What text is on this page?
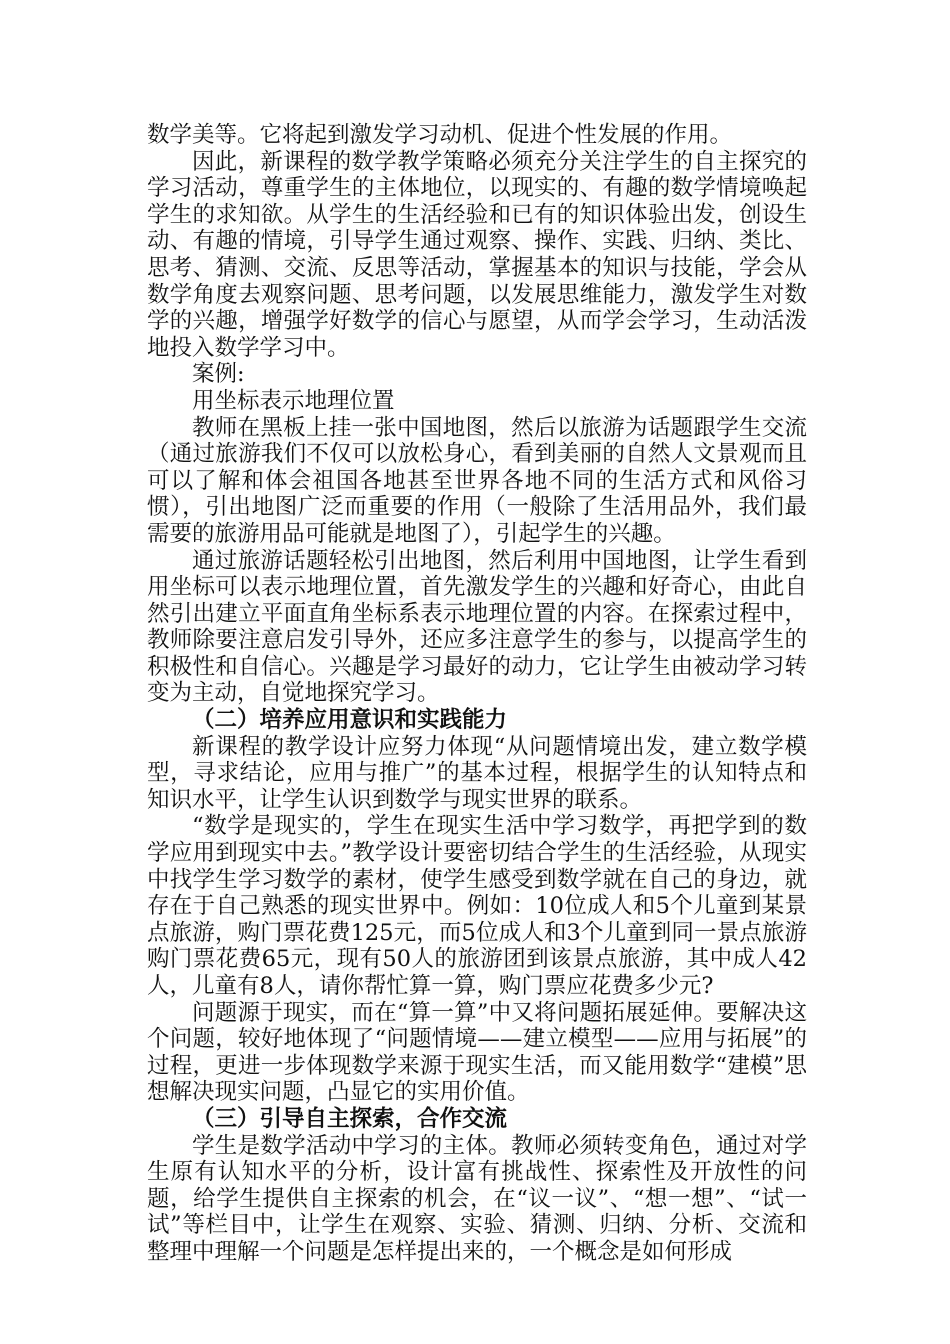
数学美等。它将起到激发学习动机、促进个性发展的作用。

因此，新课程的数学教学策略必须充分关注学生的自主探究的学习活动，尊重学生的主体地位，以现实的、有趣的数学情境唤起学生的求知欲。从学生的生活经验和已有的知识体验出发，创设生动、有趣的情境，引导学生通过观察、操作、实践、归纳、类比、思考、猜测、交流、反思等活动，掌握基本的知识与技能，学会从数学角度去观察问题、思考问题，以发展思维能力，激发学生对数学的兴趣，增强学好数学的信心与愿望，从而学会学习，生动活泼地投入数学学习中。

案例:

用坐标表示地理位置

教师在黑板上挂一张中国地图，然后以旅游为话题跟学生交流（通过旅游我们不仅可以放松身心，看到美丽的自然人文景观而且可以了解和体会祖国各地甚至世界各地不同的生活方式和风俗习惯），引出地图广泛而重要的作用（一般除了生活用品外，我们最需要的旅游用品可能就是地图了），引起学生的兴趣。

通过旅游话题轻松引出地图，然后利用中国地图，让学生看到用坐标可以表示地理位置，首先激发学生的兴趣和好奇心，由此自然引出建立平面直角坐标系表示地理位置的内容。在探索过程中，教师除要注意启发引导外，还应多注意学生的参与，以提高学生的积极性和自信心。兴趣是学习最好的动力，它让学生由被动学习转变为主动，自觉地探究学习。

（二）培养应用意识和实践能力

新课程的教学设计应努力体现“从问题情境出发，建立数学模型，寻求结论，应用与推广”的基本过程，根据学生的认知特点和知识水平，让学生认识到数学与现实世界的联系。

“数学是现实的，学生在现实生活中学习数学，再把学到的数学应用到现实中去。”教学设计要密切结合学生的生活经验，从现实中找学生学习数学的素材，使学生感受到数学就在自己的身边，就存在于自己熟悉的现实世界中。例如：10位成人和5个儿童到某景点旅游，购门票花费125元，而5位成人和3个儿童到同一景点旅游购门票花费65元，现有50人的旅游团到该景点旅游，其中成人42人，儿童有8人，请你帮忙算一算，购门票应花费多少元?

问题源于现实，而在“算一算”中又将问题拓展延伸。要解决这个问题，较好地体现了“问题情境——建立模型——应用与拓展”的过程，更进一步体现数学来源于现实生活，而又能用数学“建模”思想解决现实问题，凸显它的实用价值。

（三）引导自主探索，合作交流

学生是数学活动中学习的主体。教师必须转变角色，通过对学生原有认知水平的分析，设计富有挑战性、探索性及开放性的问题，给学生提供自主探索的机会，在“议一议”、“想一想”、“试一试”等栏目中，让学生在观察、实验、猜测、归纳、分析、交流和整理中理解一个问题是怎样提出来的，一个概念是如何形成
